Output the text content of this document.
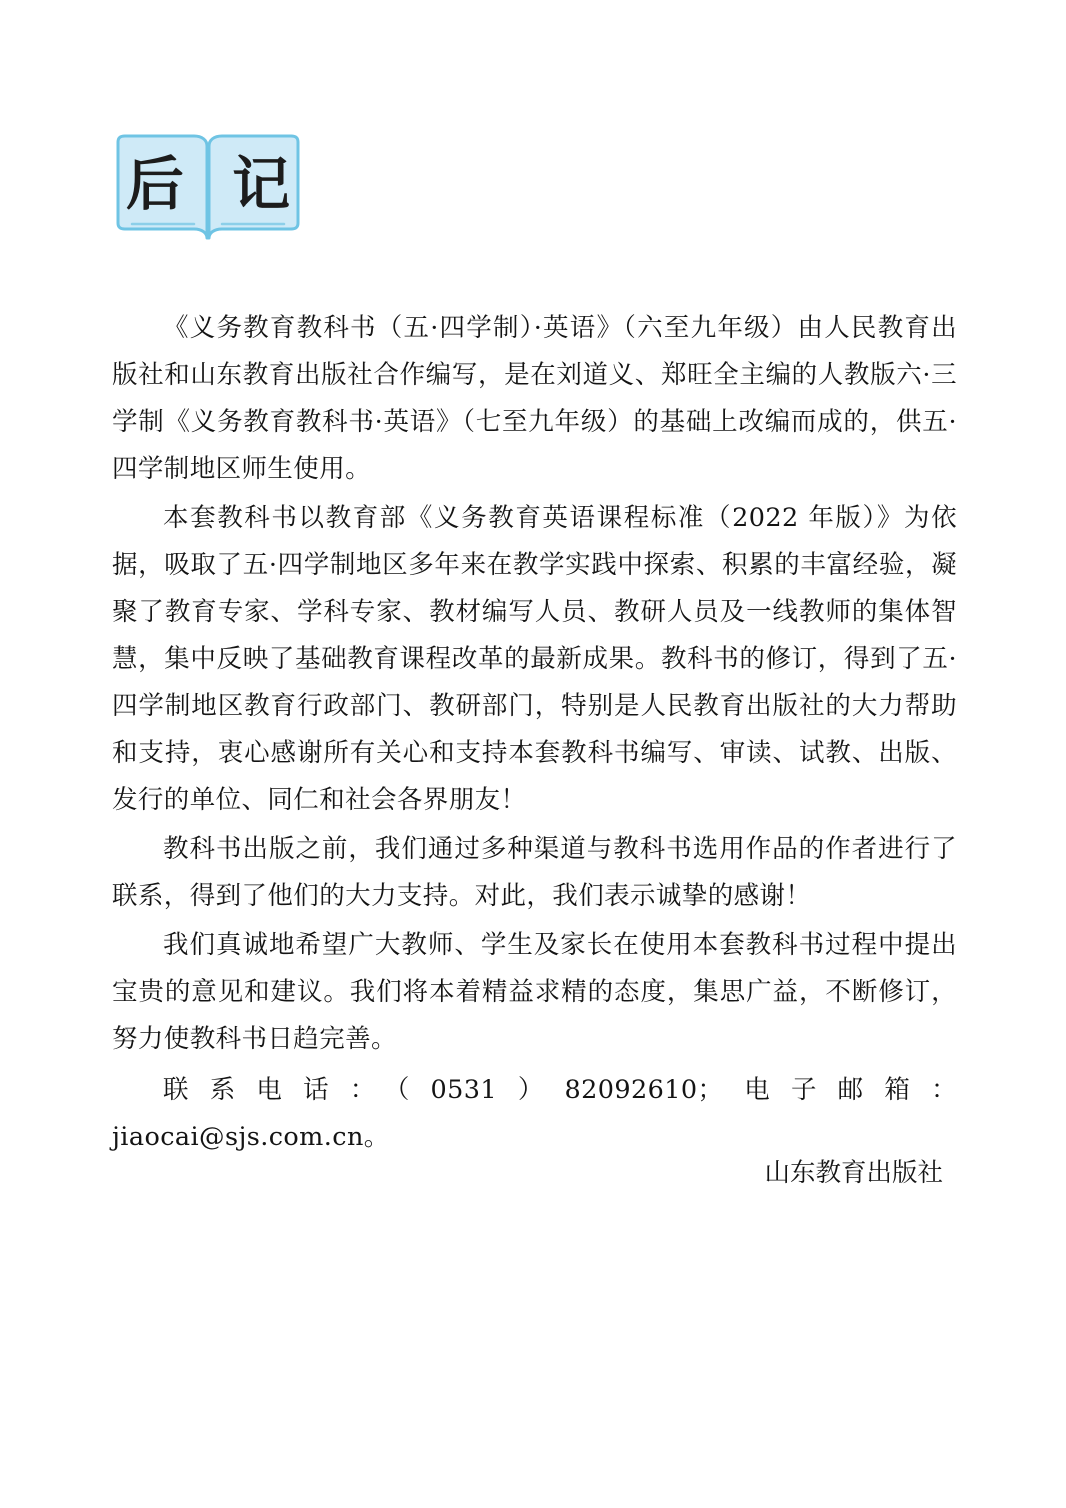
后 记

《义务教育教科书（五·四学制）·英语》（六至九年级）由人民教育出版社和山东教育出版社合作编写，是在刘道义、郑旺全主编的人教版六·三学制《义务教育教科书·英语》（七至九年级）的基础上改编而成的，供五·四学制地区师生使用。

本套教科书以教育部《义务教育英语课程标准（2022 年版）》为依据，吸取了五·四学制地区多年来在教学实践中探索、积累的丰富经验，凝聚了教育专家、学科专家、教材编写人员、教研人员及一线教师的集体智慧，集中反映了基础教育课程改革的最新成果。教科书的修订，得到了五·四学制地区教育行政部门、教研部门，特别是人民教育出版社的大力帮助和支持，衷心感谢所有关心和支持本套教科书编写、审读、试教、出版、发行的单位、同仁和社会各界朋友！

教科书出版之前，我们通过多种渠道与教科书选用作品的作者进行了联系，得到了他们的大力支持。对此，我们表示诚挚的感谢！

我们真诚地希望广大教师、学生及家长在使用本套教科书过程中提出宝贵的意见和建议。我们将本着精益求精的态度，集思广益，不断修订，努力使教科书日趋完善。

联系电话：（0531）82092610；电子邮箱：jiaocai@sjs.com.cn。

山东教育出版社
